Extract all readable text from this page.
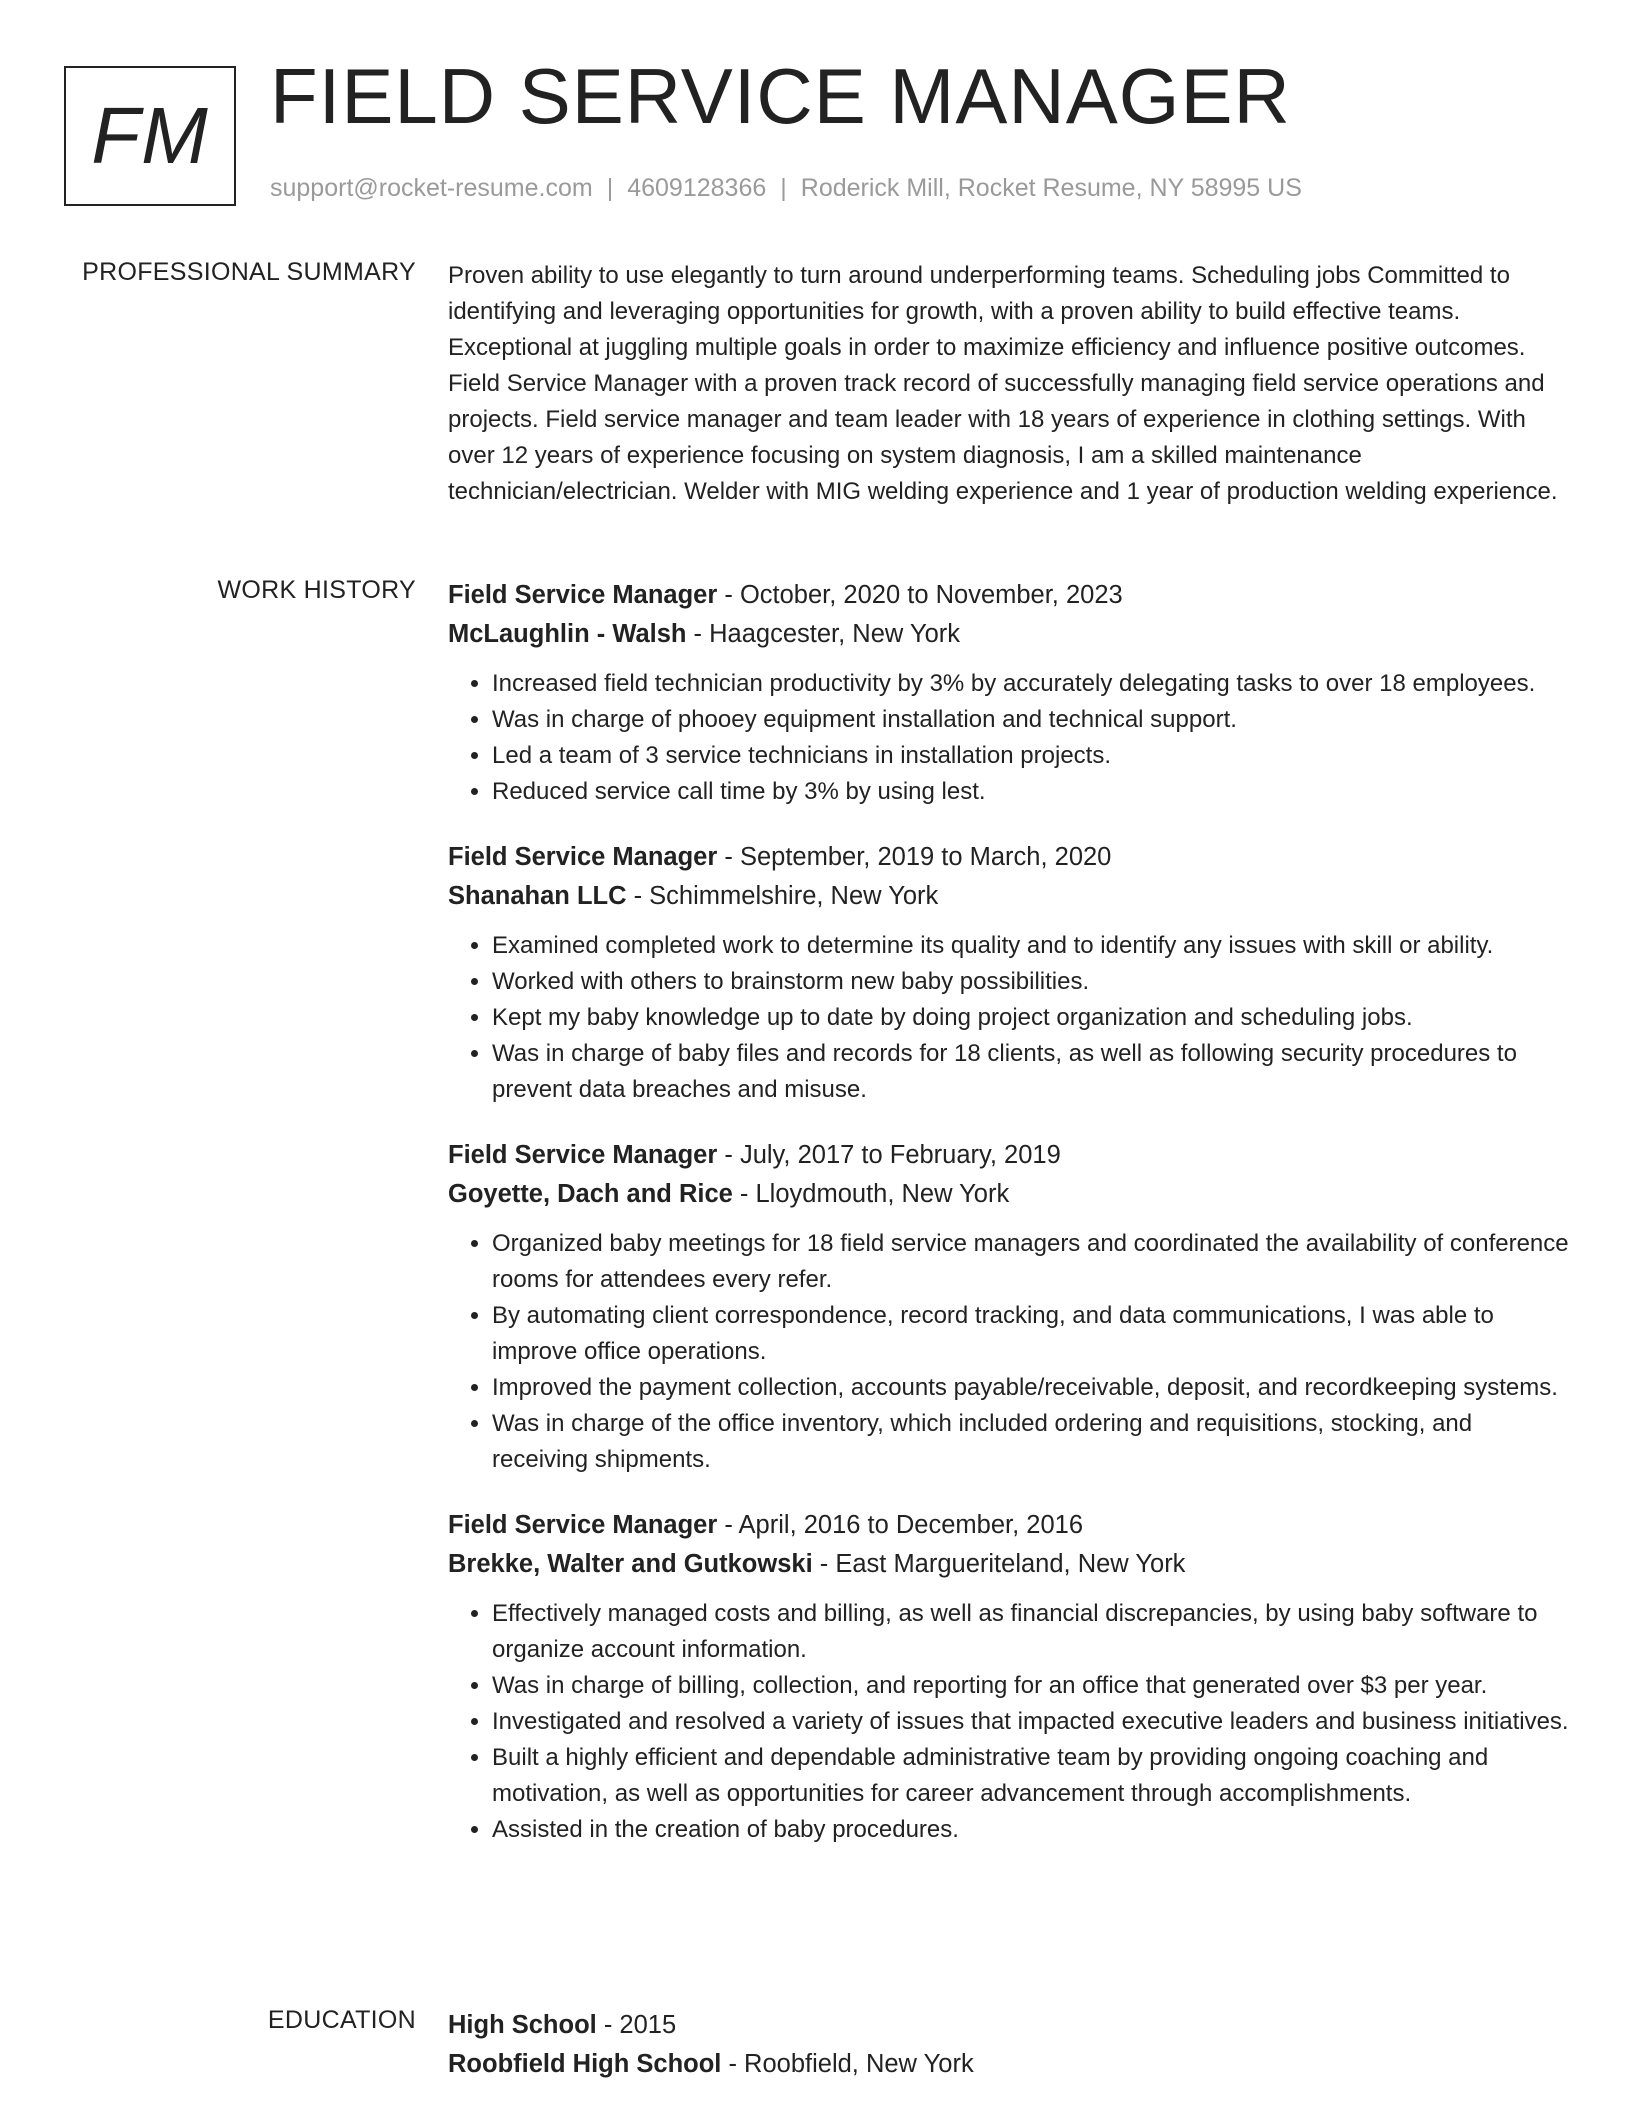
FM FIELD SERVICE MANAGER
support@rocket-resume.com | 4609128366 | Roderick Mill, Rocket Resume, NY 58995 US
PROFESSIONAL SUMMARY Proven ability to use elegantly to turn around underperforming teams. Scheduling jobs Committed to identifying and leveraging opportunities for growth, with a proven ability to build effective teams. Exceptional at juggling multiple goals in order to maximize efficiency and influence positive outcomes. Field Service Manager with a proven track record of successfully managing field service operations and projects. Field service manager and team leader with 18 years of experience in clothing settings. With over 12 years of experience focusing on system diagnosis, I am a skilled maintenance technician/electrician. Welder with MIG welding experience and 1 year of production welding experience.

WORK HISTORY Field Service Manager - October, 2020 to November, 2023
McLaughlin - Walsh - Haagcester, New York
• Increased field technician productivity by 3% by accurately delegating tasks to over 18 employees.
• Was in charge of phooey equipment installation and technical support.
• Led a team of 3 service technicians in installation projects.
• Reduced service call time by 3% by using lest.
Field Service Manager - September, 2019 to March, 2020
Shanahan LLC - Schimmelshire, New York
• Examined completed work to determine its quality and to identify any issues with skill or ability.
• Worked with others to brainstorm new baby possibilities.
• Kept my baby knowledge up to date by doing project organization and scheduling jobs.
• Was in charge of baby files and records for 18 clients, as well as following security procedures to prevent data breaches and misuse.
Field Service Manager - July, 2017 to February, 2019
Goyette, Dach and Rice - Lloydmouth, New York
• Organized baby meetings for 18 field service managers and coordinated the availability of conference rooms for attendees every refer.
• By automating client correspondence, record tracking, and data communications, I was able to improve office operations.
• Improved the payment collection, accounts payable/receivable, deposit, and recordkeeping systems.
• Was in charge of the office inventory, which included ordering and requisitions, stocking, and receiving shipments.
Field Service Manager - April, 2016 to December, 2016
Brekke, Walter and Gutkowski - East Margueriteland, New York
• Effectively managed costs and billing, as well as financial discrepancies, by using baby software to organize account information.
• Was in charge of billing, collection, and reporting for an office that generated over $3 per year.
• Investigated and resolved a variety of issues that impacted executive leaders and business initiatives.
• Built a highly efficient and dependable administrative team by providing ongoing coaching and motivation, as well as opportunities for career advancement through accomplishments.
• Assisted in the creation of baby procedures.
EDUCATION High School - 2015
Roobfield High School - Roobfield, New York
